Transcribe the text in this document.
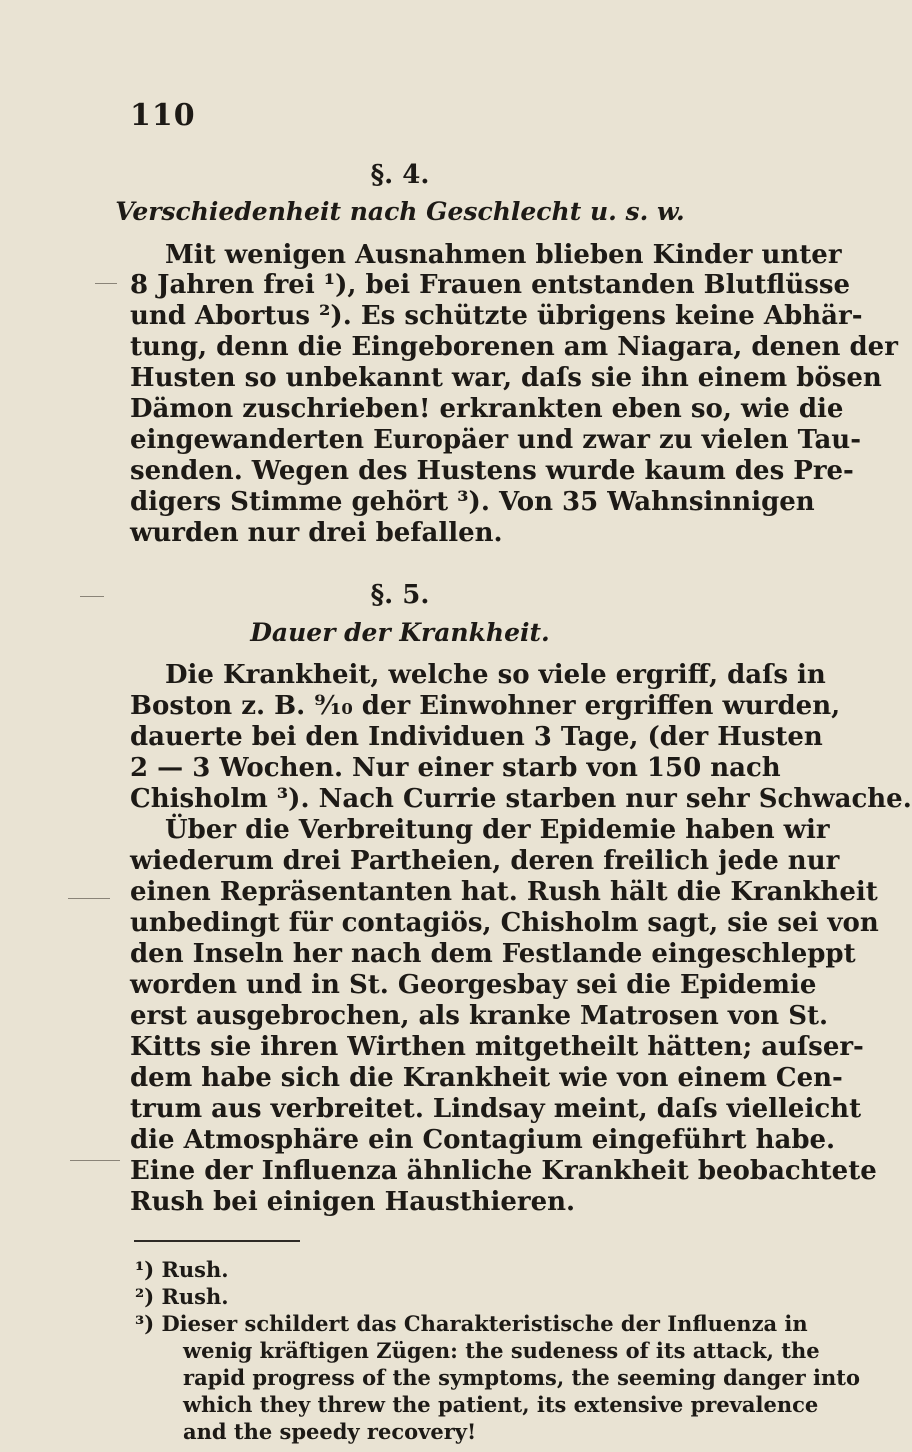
110
§. 4.
Verschiedenheit nach Geschlecht u. s. w.
Mit wenigen Ausnahmen blieben Kinder unter
8 Jahren frei ¹), bei Frauen entstanden Blutflüsse
und Abortus ²). Es schützte übrigens keine Abhär-
tung, denn die Eingeborenen am Niagara, denen der
Husten so unbekannt war, daſs sie ihn einem bösen
Dämon zuschrieben! erkrankten eben so, wie die
eingewanderten Europäer und zwar zu vielen Tau-
senden. Wegen des Hustens wurde kaum des Pre-
digers Stimme gehört ³). Von 35 Wahnsinnigen
wurden nur drei befallen.
§. 5.
Dauer der Krankheit.
Die Krankheit, welche so viele ergriff, daſs in
Boston z. B. ⁹⁄₁₀ der Einwohner ergriffen wurden,
dauerte bei den Individuen 3 Tage, (der Husten
2 — 3 Wochen. Nur einer starb von 150 nach
Chisholm ³). Nach Currie starben nur sehr Schwache.
Über die Verbreitung der Epidemie haben wir
wiederum drei Partheien, deren freilich jede nur
einen Repräsentanten hat. Rush hält die Krankheit
unbedingt für contagiös, Chisholm sagt, sie sei von
den Inseln her nach dem Festlande eingeschleppt
worden und in St. Georgesbay sei die Epidemie
erst ausgebrochen, als kranke Matrosen von St.
Kitts sie ihren Wirthen mitgetheilt hätten; auſser-
dem habe sich die Krankheit wie von einem Cen-
trum aus verbreitet. Lindsay meint, daſs vielleicht
die Atmosphäre ein Contagium eingeführt habe.
Eine der Influenza ähnliche Krankheit beobachtete
Rush bei einigen Hausthieren.
¹) Rush.
²) Rush.
³) Dieser schildert das Charakteristische der Influenza in
wenig kräftigen Zügen: the sudeness of its attack, the
rapid progress of the symptoms, the seeming danger into
which they threw the patient, its extensive prevalence
and the speedy recovery!
